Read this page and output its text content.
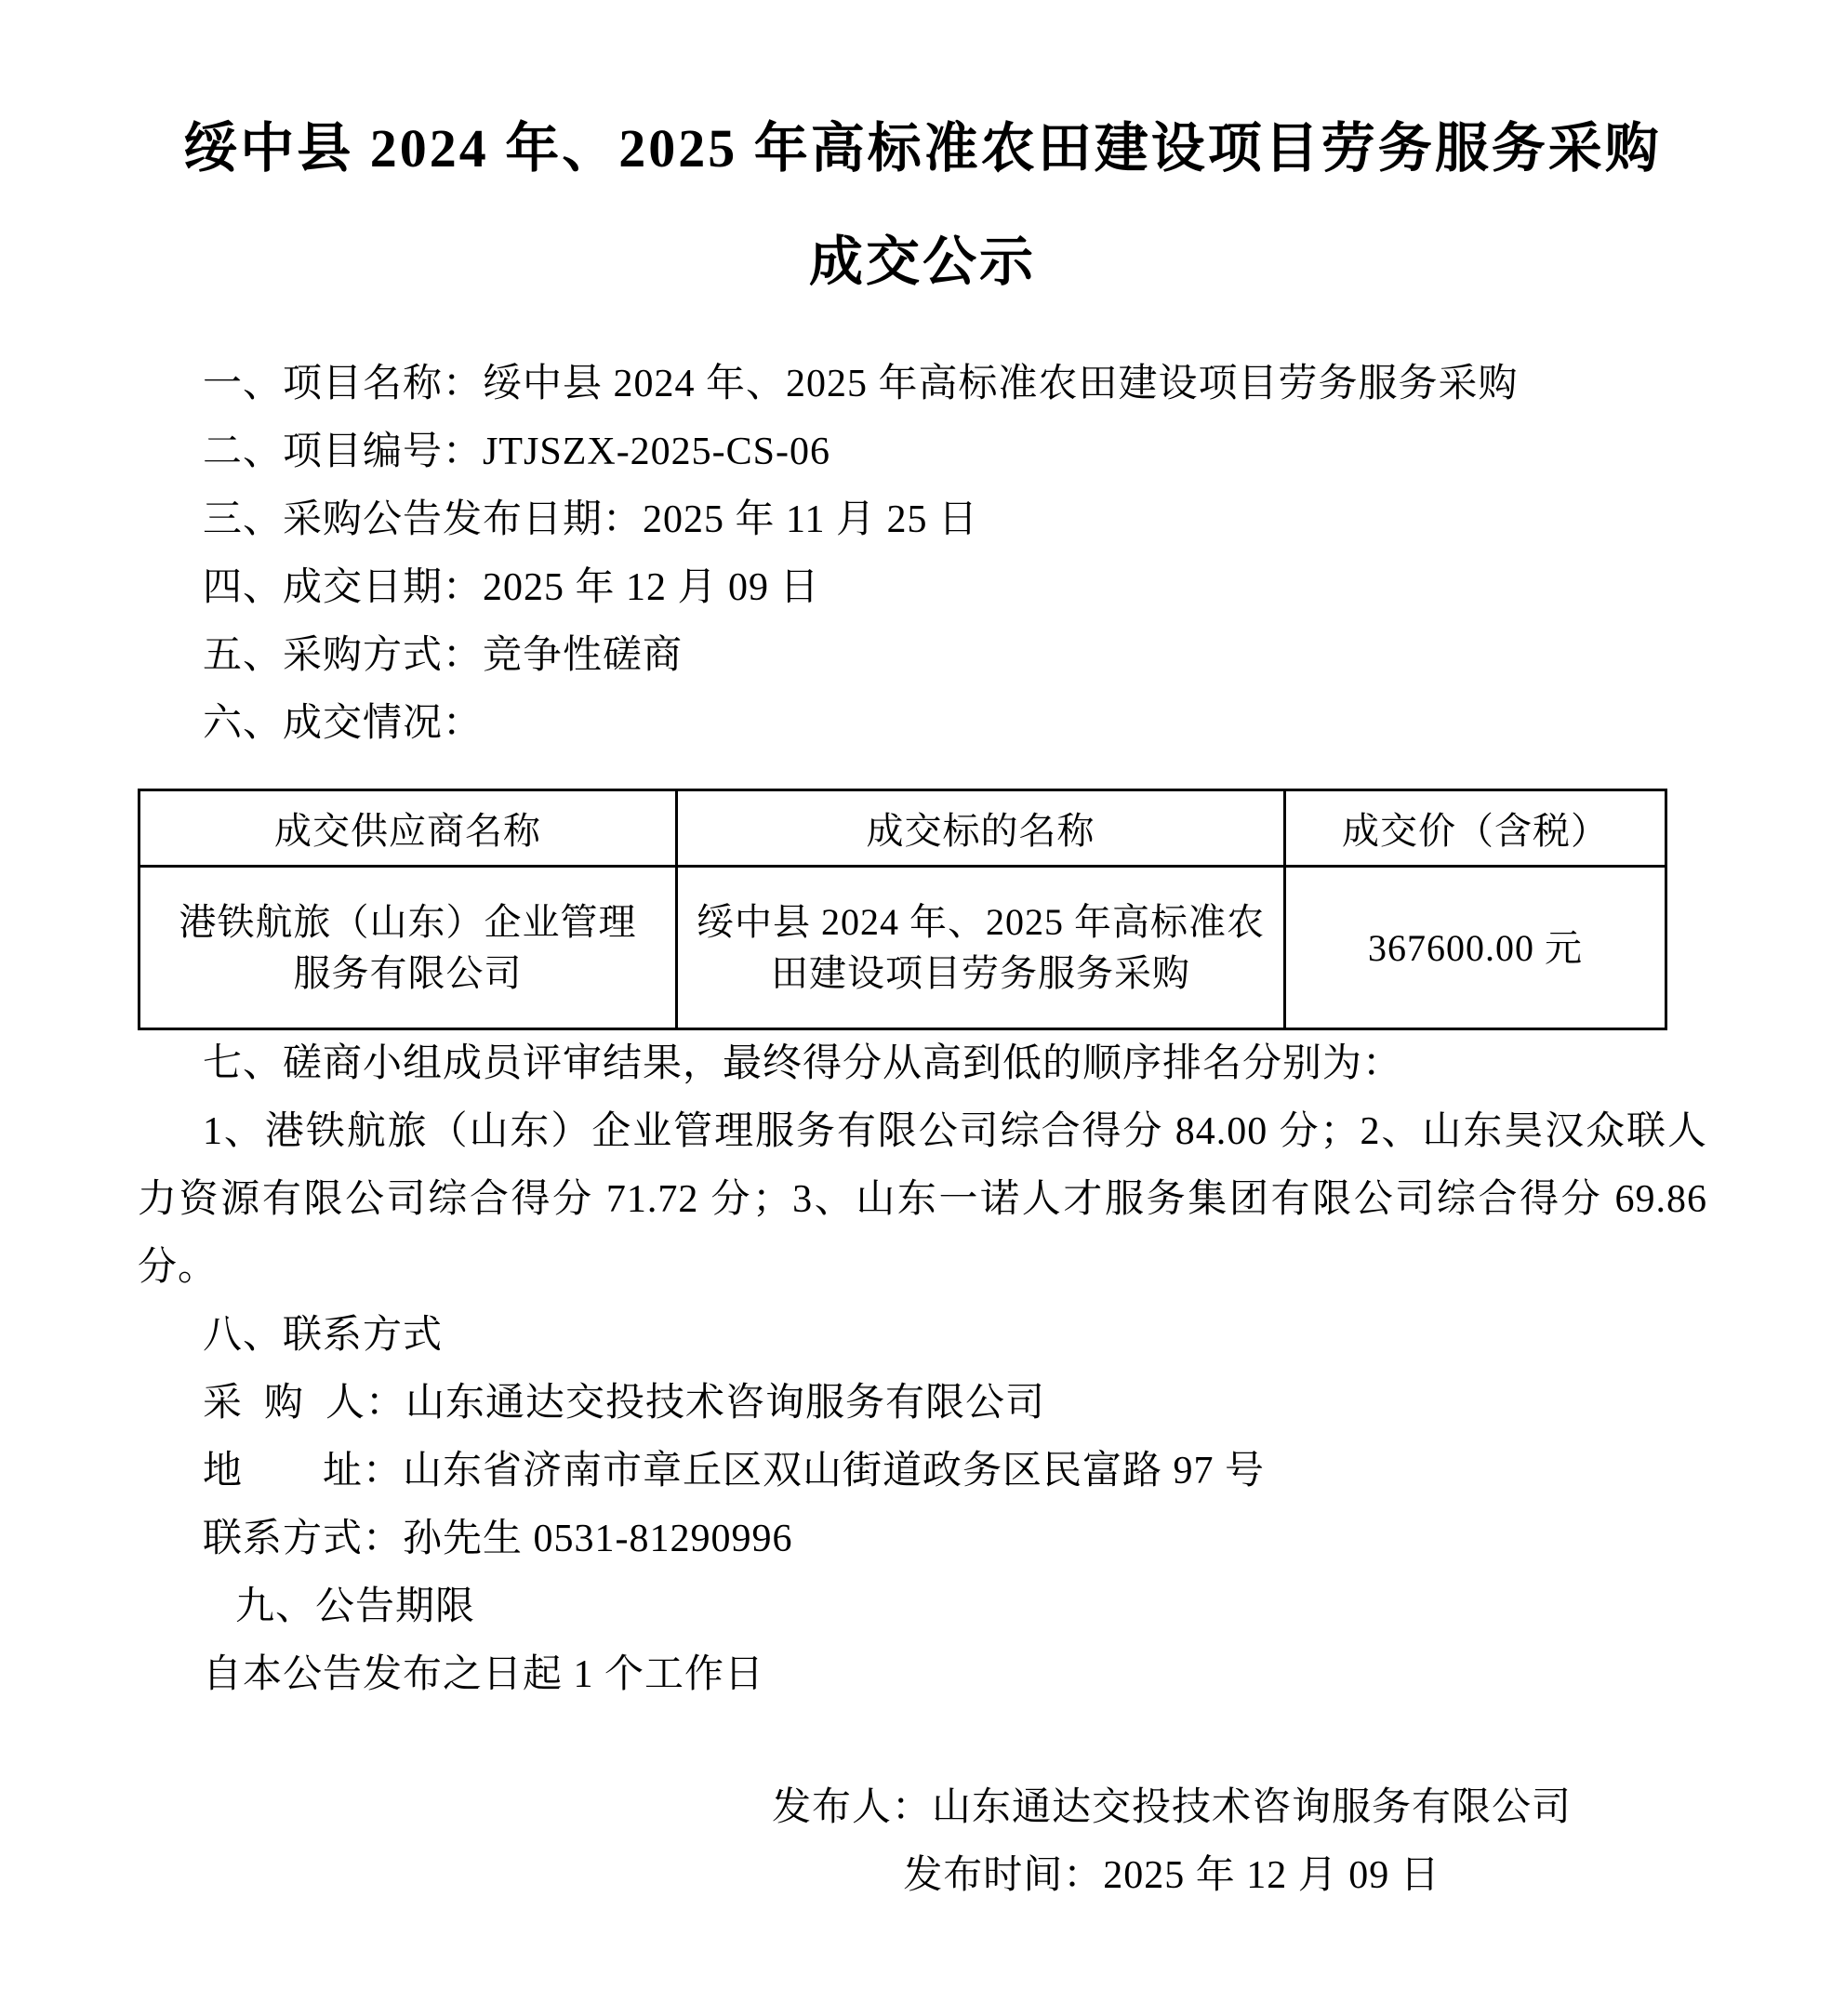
绥中县 2024 年、2025 年高标准农田建设项目劳务服务采购
成交公示

一、项目名称：绥中县 2024 年、2025 年高标准农田建设项目劳务服务采购

二、项目编号：JTJSZX-2025-CS-06

三、采购公告发布日期：2025 年 11 月 25 日

四、成交日期：2025 年 12 月 09 日

五、采购方式：竞争性磋商

六、成交情况：

成交供应商名称	成交标的名称	成交价（含税）
港铁航旅（山东）企业管理服务有限公司	绥中县 2024 年、2025 年高标准农田建设项目劳务服务采购	367600.00 元

七、磋商小组成员评审结果，最终得分从高到低的顺序排名分别为：

1、港铁航旅（山东）企业管理服务有限公司综合得分 84.00 分；2、山东昊汉众联人力资源有限公司综合得分 71.72 分；3、山东一诺人才服务集团有限公司综合得分 69.86 分。

八、联系方式

采  购  人：山东通达交投技术咨询服务有限公司

地　　址：山东省济南市章丘区双山街道政务区民富路 97 号

联系方式：孙先生 0531-81290996

九、公告期限

自本公告发布之日起 1 个工作日

发布人：山东通达交投技术咨询服务有限公司

发布时间：2025 年 12 月 09 日
